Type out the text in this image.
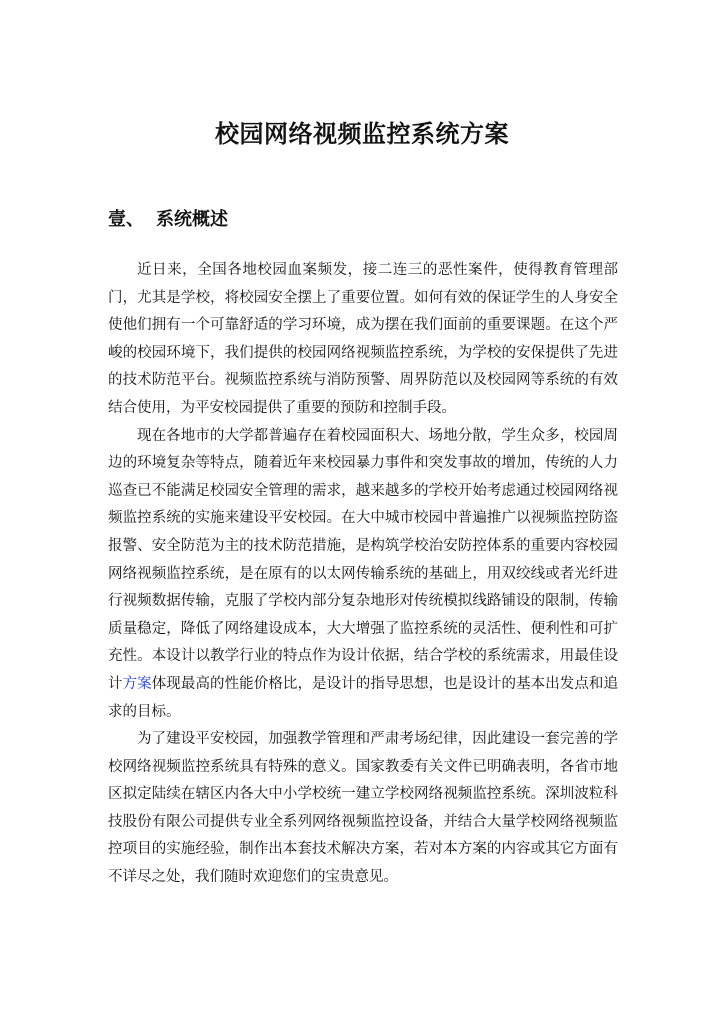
校园网络视频监控系统方案
壹、 系统概述

近日来，全国各地校园血案频发，接二连三的恶性案件，使得教育管理部门，尤其是学校，将校园安全摆上了重要位置。如何有效的保证学生的人身安全使他们拥有一个可靠舒适的学习环境，成为摆在我们面前的重要课题。在这个严峻的校园环境下，我们提供的校园网络视频监控系统，为学校的安保提供了先进的技术防范平台。视频监控系统与消防预警、周界防范以及校园网等系统的有效结合使用，为平安校园提供了重要的预防和控制手段。

现在各地市的大学都普遍存在着校园面积大、场地分散，学生众多，校园周边的环境复杂等特点，随着近年来校园暴力事件和突发事故的增加，传统的人力巡查已不能满足校园安全管理的需求，越来越多的学校开始考虑通过校园网络视频监控系统的实施来建设平安校园。在大中城市校园中普遍推广以视频监控防盗报警、安全防范为主的技术防范措施，是构筑学校治安防控体系的重要内容校园网络视频监控系统，是在原有的以太网传输系统的基础上，用双绞线或者光纤进行视频数据传输，克服了学校内部分复杂地形对传统模拟线路铺设的限制，传输质量稳定，降低了网络建设成本，大大增强了监控系统的灵活性、便利性和可扩充性。本设计以教学行业的特点作为设计依据，结合学校的系统需求，用最佳设计方案体现最高的性能价格比，是设计的指导思想，也是设计的基本出发点和追求的目标。

为了建设平安校园，加强教学管理和严肃考场纪律，因此建设一套完善的学校网络视频监控系统具有特殊的意义。国家教委有关文件已明确表明，各省市地区拟定陆续在辖区内各大中小学校统一建立学校网络视频监控系统。深圳波粒科技股份有限公司提供专业全系列网络视频监控设备，并结合大量学校网络视频监控项目的实施经验，制作出本套技术解决方案，若对本方案的内容或其它方面有不详尽之处，我们随时欢迎您们的宝贵意见。
